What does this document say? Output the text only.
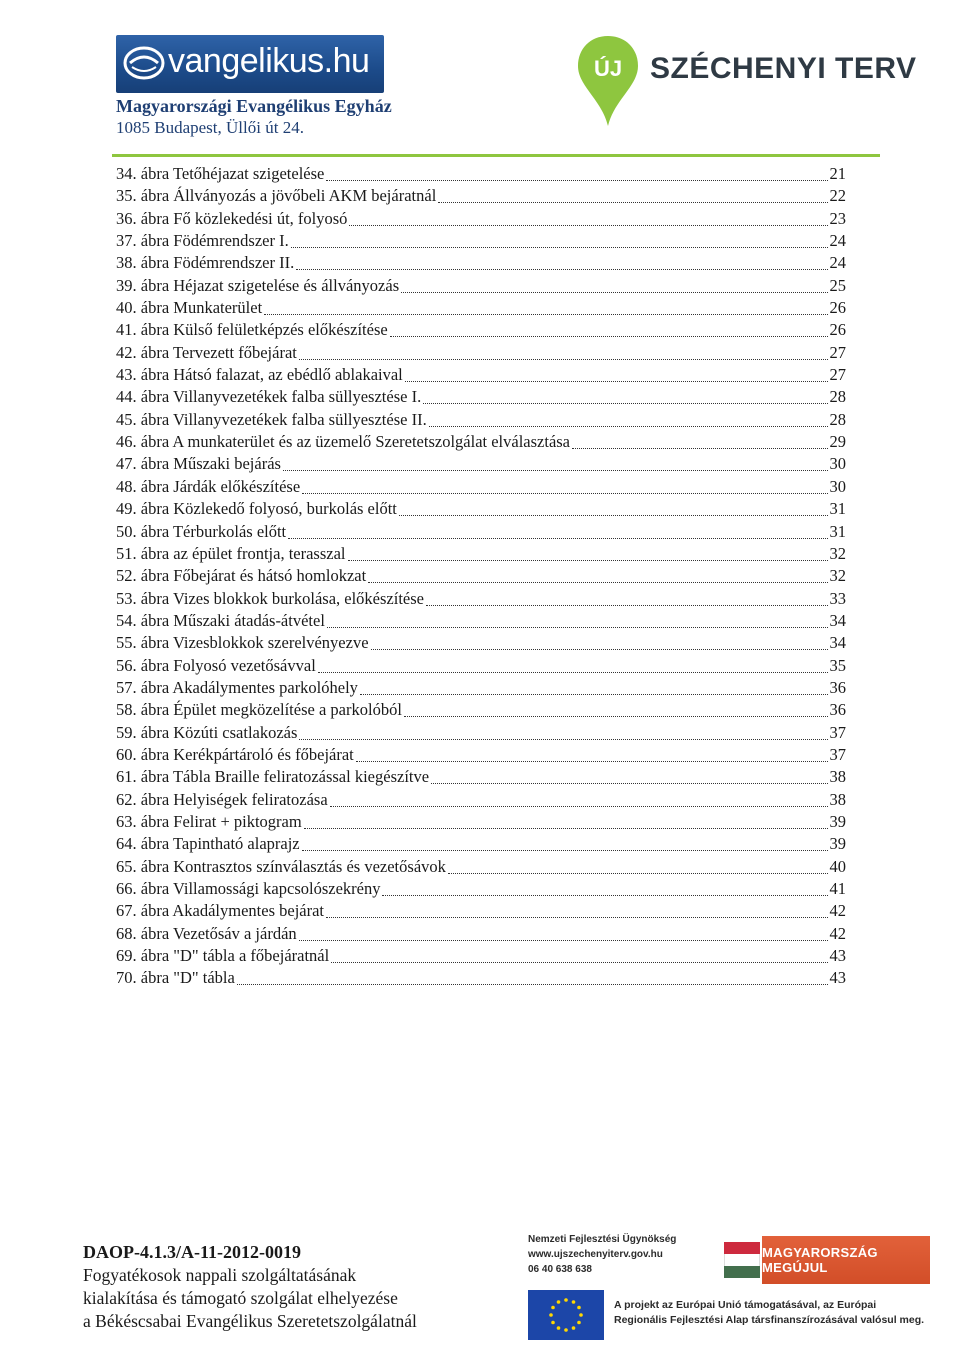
vangelikus.hu
Magyarországi Evangélikus Egyház
1085 Budapest, Üllői út 24.
ÚJ SZÉCHENYI TERV
34. ábra Tetőhéjazat szigetelése	21
35. ábra Állványozás a jövőbeli AKM bejáratnál	22
36. ábra Fő közlekedési út, folyosó	23
37. ábra Födémrendszer I.	24
38. ábra Födémrendszer II.	24
39. ábra Héjazat szigetelése és állványozás	25
40. ábra Munkaterület	26
41. ábra Külső felületképzés előkészítése	26
42. ábra Tervezett főbejárat	27
43. ábra Hátsó falazat, az ebédlő ablakaival	27
44. ábra Villanyvezetékek falba süllyesztése I.	28
45. ábra Villanyvezetékek falba süllyesztése II.	28
46. ábra A munkaterület és az üzemelő Szeretetszolgálat elválasztása	29
47. ábra Műszaki bejárás	30
48. ábra Járdák előkészítése	30
49. ábra Közlekedő folyosó, burkolás előtt	31
50. ábra Térburkolás előtt	31
51. ábra az épület frontja, terasszal	32
52. ábra Főbejárat és hátsó homlokzat	32
53. ábra Vizes blokkok burkolása, előkészítése	33
54. ábra Műszaki átadás-átvétel	34
55. ábra Vizesblokkok szerelvényezve	34
56. ábra Folyosó vezetősávval	35
57. ábra Akadálymentes parkolóhely	36
58. ábra Épület megközelítése a parkolóból	36
59. ábra Közúti csatlakozás	37
60. ábra Kerékpártároló és főbejárat	37
61. ábra Tábla Braille feliratozással kiegészítve	38
62. ábra Helyiségek feliratozása	38
63. ábra Felirat + piktogram	39
64. ábra Tapintható alaprajz	39
65. ábra Kontrasztos színválasztás és vezetősávok	40
66. ábra Villamossági kapcsolószekrény	41
67. ábra Akadálymentes bejárat	42
68. ábra Vezetősáv a járdán	42
69. ábra "D" tábla a főbejáratnál	43
70. ábra "D" tábla	43
DAOP-4.1.3/A-11-2012-0019
Fogyatékosok nappali szolgáltatásának
kialakítása és támogató szolgálat elhelyezése
a Békéscsabai Evangélikus Szeretetszolgálatnál
Nemzeti Fejlesztési Ügynökség
www.ujszechenyiterv.gov.hu
06 40 638 638
MAGYARORSZÁG MEGÚJUL
A projekt az Európai Unió támogatásával, az Európai
Regionális Fejlesztési Alap társfinanszírozásával valósul meg.
